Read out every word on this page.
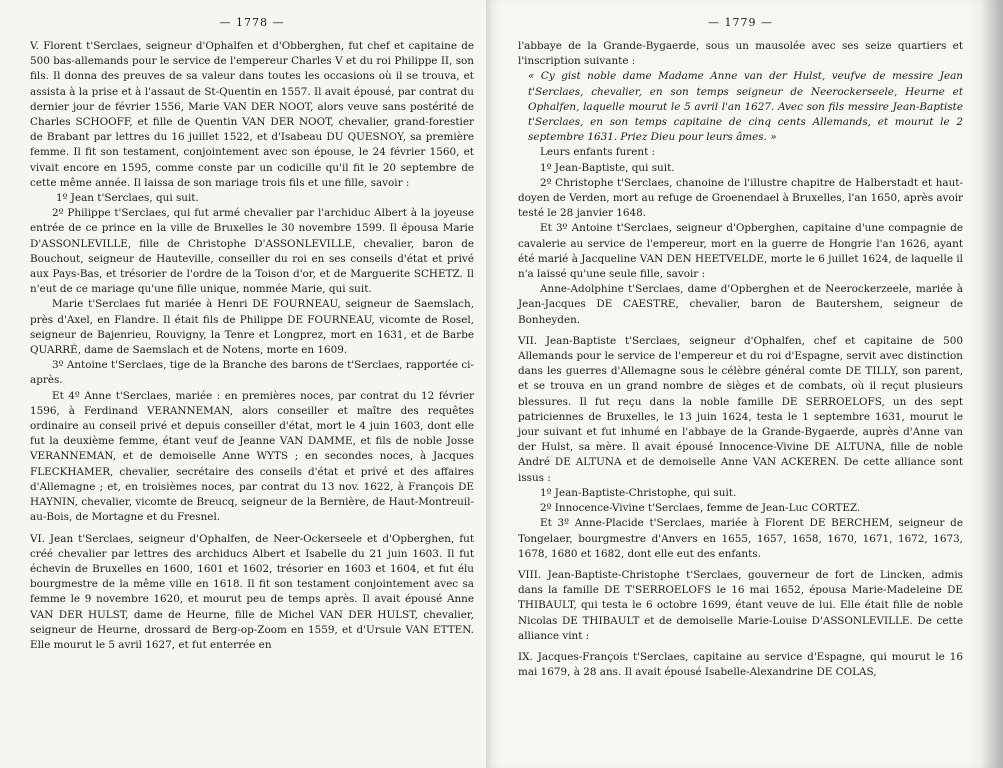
— 1778 —

V. Florent t'Serclaes, seigneur d'Ophalfen et d'Obberghen, fut chef et capitaine de 500 bas-allemands pour le service de l'empereur Charles V et du roi Philippe II, son fils. Il donna des preuves de sa valeur dans toutes les occasions où il se trouva, et assista à la prise et à l'assaut de St-Quentin en 1557. Il avait épousé, par contrat du dernier jour de février 1556, Marie VAN DER NOOT, alors veuve sans postérité de Charles SCHOOFF, et fille de Quentin VAN DER NOOT, chevalier, grand-forestier de Brabant par lettres du 16 juillet 1522, et d'Isabeau DU QUESNOY, sa première femme. Il fit son testament, conjointement avec son épouse, le 24 février 1560, et vivait encore en 1595, comme conste par un codicille qu'il fit le 20 septembre de cette même année. Il laissa de son mariage trois fils et une fille, savoir :

1º Jean t'Serclaes, qui suit.

2º Philippe t'Serclaes, qui fut armé chevalier par l'archiduc Albert à la joyeuse entrée de ce prince en la ville de Bruxelles le 30 novembre 1599. Il épousa Marie D'ASSONLEVILLE, fille de Christophe D'ASSONLEVILLE, chevalier, baron de Bouchout, seigneur de Hauteville, conseiller du roi en ses conseils d'état et privé aux Pays-Bas, et trésorier de l'ordre de la Toison d'or, et de Marguerite SCHETZ. Il n'eut de ce mariage qu'une fille unique, nommée Marie, qui suit.

Marie t'Serclaes fut mariée à Henri DE FOURNEAU, seigneur de Saemslach, près d'Axel, en Flandre. Il était fils de Philippe DE FOURNEAU, vicomte de Rosel, seigneur de Bajenrieu, Rouvigny, la Tenre et Longprez, mort en 1631, et de Barbe QUARRÉ, dame de Saemslach et de Notens, morte en 1609.

3º Antoine t'Serclaes, tige de la Branche des barons de t'Serclaes, rapportée ci-après.

Et 4º Anne t'Serclaes, mariée : en premières noces, par contrat du 12 février 1596, à Ferdinand VERANNEMAN, alors conseiller et maître des requêtes ordinaire au conseil privé et depuis conseiller d'état, mort le 4 juin 1603, dont elle fut la deuxième femme, étant veuf de Jeanne VAN DAMME, et fils de noble Josse VERANNEMAN, et de demoiselle Anne WYTS ; en secondes noces, à Jacques FLECKHAMER, chevalier, secrétaire des conseils d'état et privé et des affaires d'Allemagne ; et, en troisièmes noces, par contrat du 13 nov. 1622, à François DE HAYNIN, chevalier, vicomte de Breucq, seigneur de la Bernière, de Haut-Montreuil-au-Bois, de Mortagne et du Fresnel.

VI. Jean t'Serclaes, seigneur d'Ophalfen, de Neer-Ockerseele et d'Opberghen, fut créé chevalier par lettres des archiducs Albert et Isabelle du 21 juin 1603. Il fut échevin de Bruxelles en 1600, 1601 et 1602, trésorier en 1603 et 1604, et fut élu bourgmestre de la même ville en 1618. Il fit son testament conjointement avec sa femme le 9 novembre 1620, et mourut peu de temps après. Il avait épousé Anne VAN DER HULST, dame de Heurne, fille de Michel VAN DER HULST, chevalier, seigneur de Heurne, drossard de Berg-op-Zoom en 1559, et d'Ursule VAN ETTEN. Elle mourut le 5 avril 1627, et fut enterrée en

— 1779 —

l'abbaye de la Grande-Bygaerde, sous un mausolée avec ses seize quartiers et l'inscription suivante :

« Cy gist noble dame Madame Anne van der Hulst, veufve de messire Jean t'Serclaes, chevalier, en son temps seigneur de Neerockerseele, Heurne et Ophalfen, laquelle mourut le 5 avril l'an 1627. Avec son fils messire Jean-Baptiste t'Serclaes, en son temps capitaine de cinq cents Allemands, et mourut le 2 septembre 1631. Priez Dieu pour leurs âmes. »

Leurs enfants furent :

1º Jean-Baptiste, qui suit.

2º Christophe t'Serclaes, chanoine de l'illustre chapitre de Halberstadt et haut-doyen de Verden, mort au refuge de Groenendael à Bruxelles, l'an 1650, après avoir testé le 28 janvier 1648.

Et 3º Antoine t'Serclaes, seigneur d'Opberghen, capitaine d'une compagnie de cavalerie au service de l'empereur, mort en la guerre de Hongrie l'an 1626, ayant été marié à Jacqueline VAN DEN HEETVELDE, morte le 6 juillet 1624, de laquelle il n'a laissé qu'une seule fille, savoir :

Anne-Adolphine t'Serclaes, dame d'Opberghen et de Neerockerzeele, mariée à Jean-Jacques DE CAESTRE, chevalier, baron de Bautershem, seigneur de Bonheyden.

VII. Jean-Baptiste t'Serclaes, seigneur d'Ophalfen, chef et capitaine de 500 Allemands pour le service de l'empereur et du roi d'Espagne, servit avec distinction dans les guerres d'Allemagne sous le célèbre général comte DE TILLY, son parent, et se trouva en un grand nombre de sièges et de combats, où il reçut plusieurs blessures. Il fut reçu dans la noble famille DE SERROELOFS, un des sept patriciennes de Bruxelles, le 13 juin 1624, testa le 1 septembre 1631, mourut le jour suivant et fut inhumé en l'abbaye de la Grande-Bygaerde, auprès d'Anne van der Hulst, sa mère. Il avait épousé Innocence-Vivine DE ALTUNA, fille de noble André DE ALTUNA et de demoiselle Anne VAN ACKEREN. De cette alliance sont issus :

1º Jean-Baptiste-Christophe, qui suit.

2º Innocence-Vivine t'Serclaes, femme de Jean-Luc CORTEZ.

Et 3º Anne-Placide t'Serclaes, mariée à Florent DE BERCHEM, seigneur de Tongelaer, bourgmestre d'Anvers en 1655, 1657, 1658, 1670, 1671, 1672, 1673, 1678, 1680 et 1682, dont elle eut des enfants.

VIII. Jean-Baptiste-Christophe t'Serclaes, gouverneur de fort de Lincken, admis dans la famille DE T'SERROELOFS le 16 mai 1652, épousa Marie-Madeleine DE THIBAULT, qui testa le 6 octobre 1699, étant veuve de lui. Elle était fille de noble Nicolas DE THIBAULT et de demoiselle Marie-Louise D'ASSONLEVILLE. De cette alliance vint :

IX. Jacques-François t'Serclaes, capitaine au service d'Espagne, qui mourut le 16 mai 1679, à 28 ans. Il avait épousé Isabelle-Alexandrine DE COLAS,
